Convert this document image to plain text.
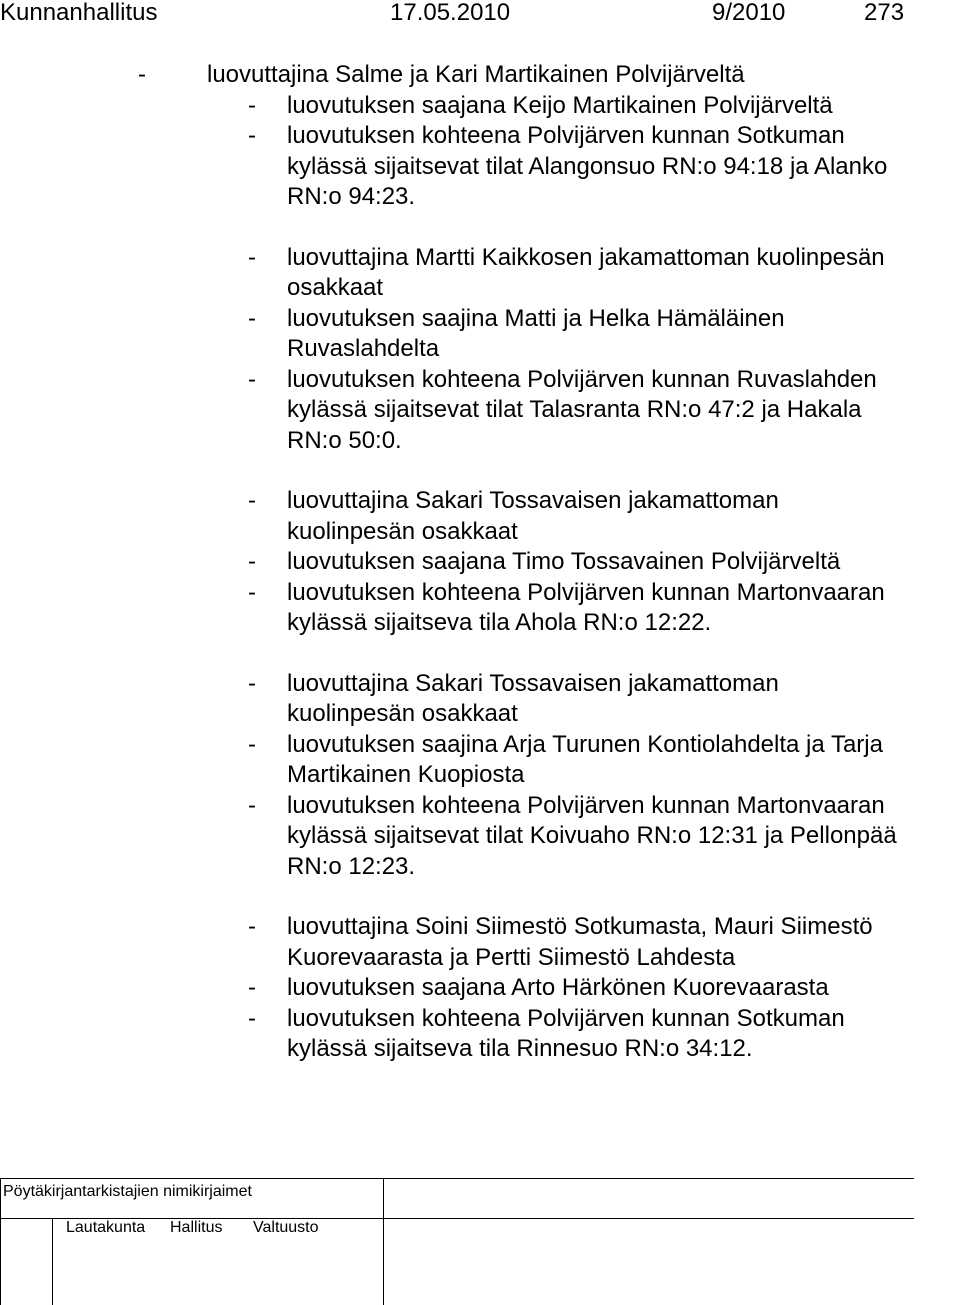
Kunnanhallitus	17.05.2010	9/2010	273
-	luovuttajina Salme ja Kari Martikainen Polvijärveltä
-	luovutuksen saajana Keijo Martikainen Polvijärveltä
-	luovutuksen kohteena Polvijärven kunnan Sotkuman
kylässä sijaitsevat tilat Alangonsuo RN:o 94:18 ja Alanko
RN:o 94:23.
-	luovuttajina Martti Kaikkosen jakamattoman kuolinpesän
osakkaat
-	luovutuksen saajina Matti ja Helka Hämäläinen
Ruvaslahdelta
-	luovutuksen kohteena Polvijärven kunnan Ruvaslahden
kylässä sijaitsevat tilat Talasranta RN:o 47:2 ja Hakala
RN:o 50:0.
-	luovuttajina Sakari Tossavaisen jakamattoman
kuolinpesän osakkaat
-	luovutuksen saajana Timo Tossavainen Polvijärveltä
-	luovutuksen kohteena Polvijärven kunnan Martonvaaran
kylässä sijaitseva tila Ahola RN:o 12:22.
-	luovuttajina Sakari Tossavaisen jakamattoman
kuolinpesän osakkaat
-	luovutuksen saajina Arja Turunen Kontiolahdelta ja Tarja
Martikainen Kuopiosta
-	luovutuksen kohteena Polvijärven kunnan Martonvaaran
kylässä sijaitsevat tilat Koivuaho RN:o 12:31 ja Pellonpää
RN:o 12:23.
-	luovuttajina Soini Siimestö Sotkumasta, Mauri Siimestö
Kuorevaarasta ja Pertti Siimestö Lahdesta
-	luovutuksen saajana Arto Härkönen Kuorevaarasta
-	luovutuksen kohteena Polvijärven kunnan Sotkuman
kylässä sijaitseva tila Rinnesuo RN:o 34:12.
Pöytäkirjantarkistajien nimikirjaimet
Lautakunta Hallitus Valtuusto
